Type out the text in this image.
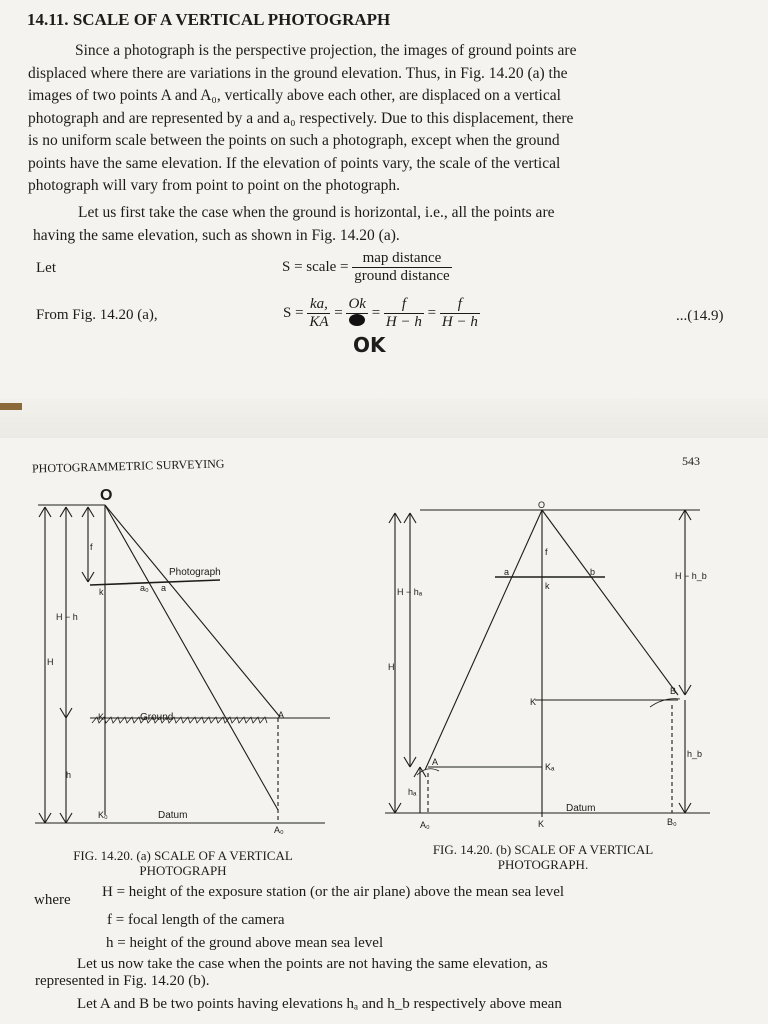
14.11. SCALE OF A VERTICAL PHOTOGRAPH
Since a photograph is the perspective projection, the images of ground points are
displaced where there are variations in the ground elevation. Thus, in Fig. 14.20 (a) the
images of two points A and A₀, vertically above each other, are displaced on a vertical
photograph and are represented by a and a₀ respectively. Due to this displacement, there
is no uniform scale between the points on such a photograph, except when the ground
points have the same elevation. If the elevation of points vary, the scale of the vertical
photograph will vary from point to point on the photograph.
Let us first take the case when the ground is horizontal, i.e., all the points are
having the same elevation, such as shown in Fig. 14.20 (a).
Let	S = scale = $\frac{\text{map distance}}{\text{ground distance}}$
From Fig. 14.20 (a),	$S = \frac{ka,}{KA}$ =
Ok
= $\frac{f}{H - h} = \frac{f}{H - h}$	...(14.9)
OK
PHOTOGRAMMETRIC SURVEYING	543
O
Photograph
k	a₀ a
f
H − h
H
K	Ground	A
h
K₀	Datum
A₀
O
f
a	b
k
H − hₐ
H − h_b
H
B
K
A	Kₐ
hₐ
h_b
Datum
A₀	K	B₀
FIG. 14.20. (a) SCALE OF A VERTICAL
PHOTOGRAPH
FIG. 14.20. (b) SCALE OF A VERTICAL
PHOTOGRAPH.
where H = height of the exposure station (or the air plane) above the mean sea level
f = focal length of the camera
h = height of the ground above mean sea level
Let us now take the case when the points are not having the same elevation, as
represented in Fig. 14.20 (b).
Let A and B be two points having elevations hₐ and h_b respectively above mean
